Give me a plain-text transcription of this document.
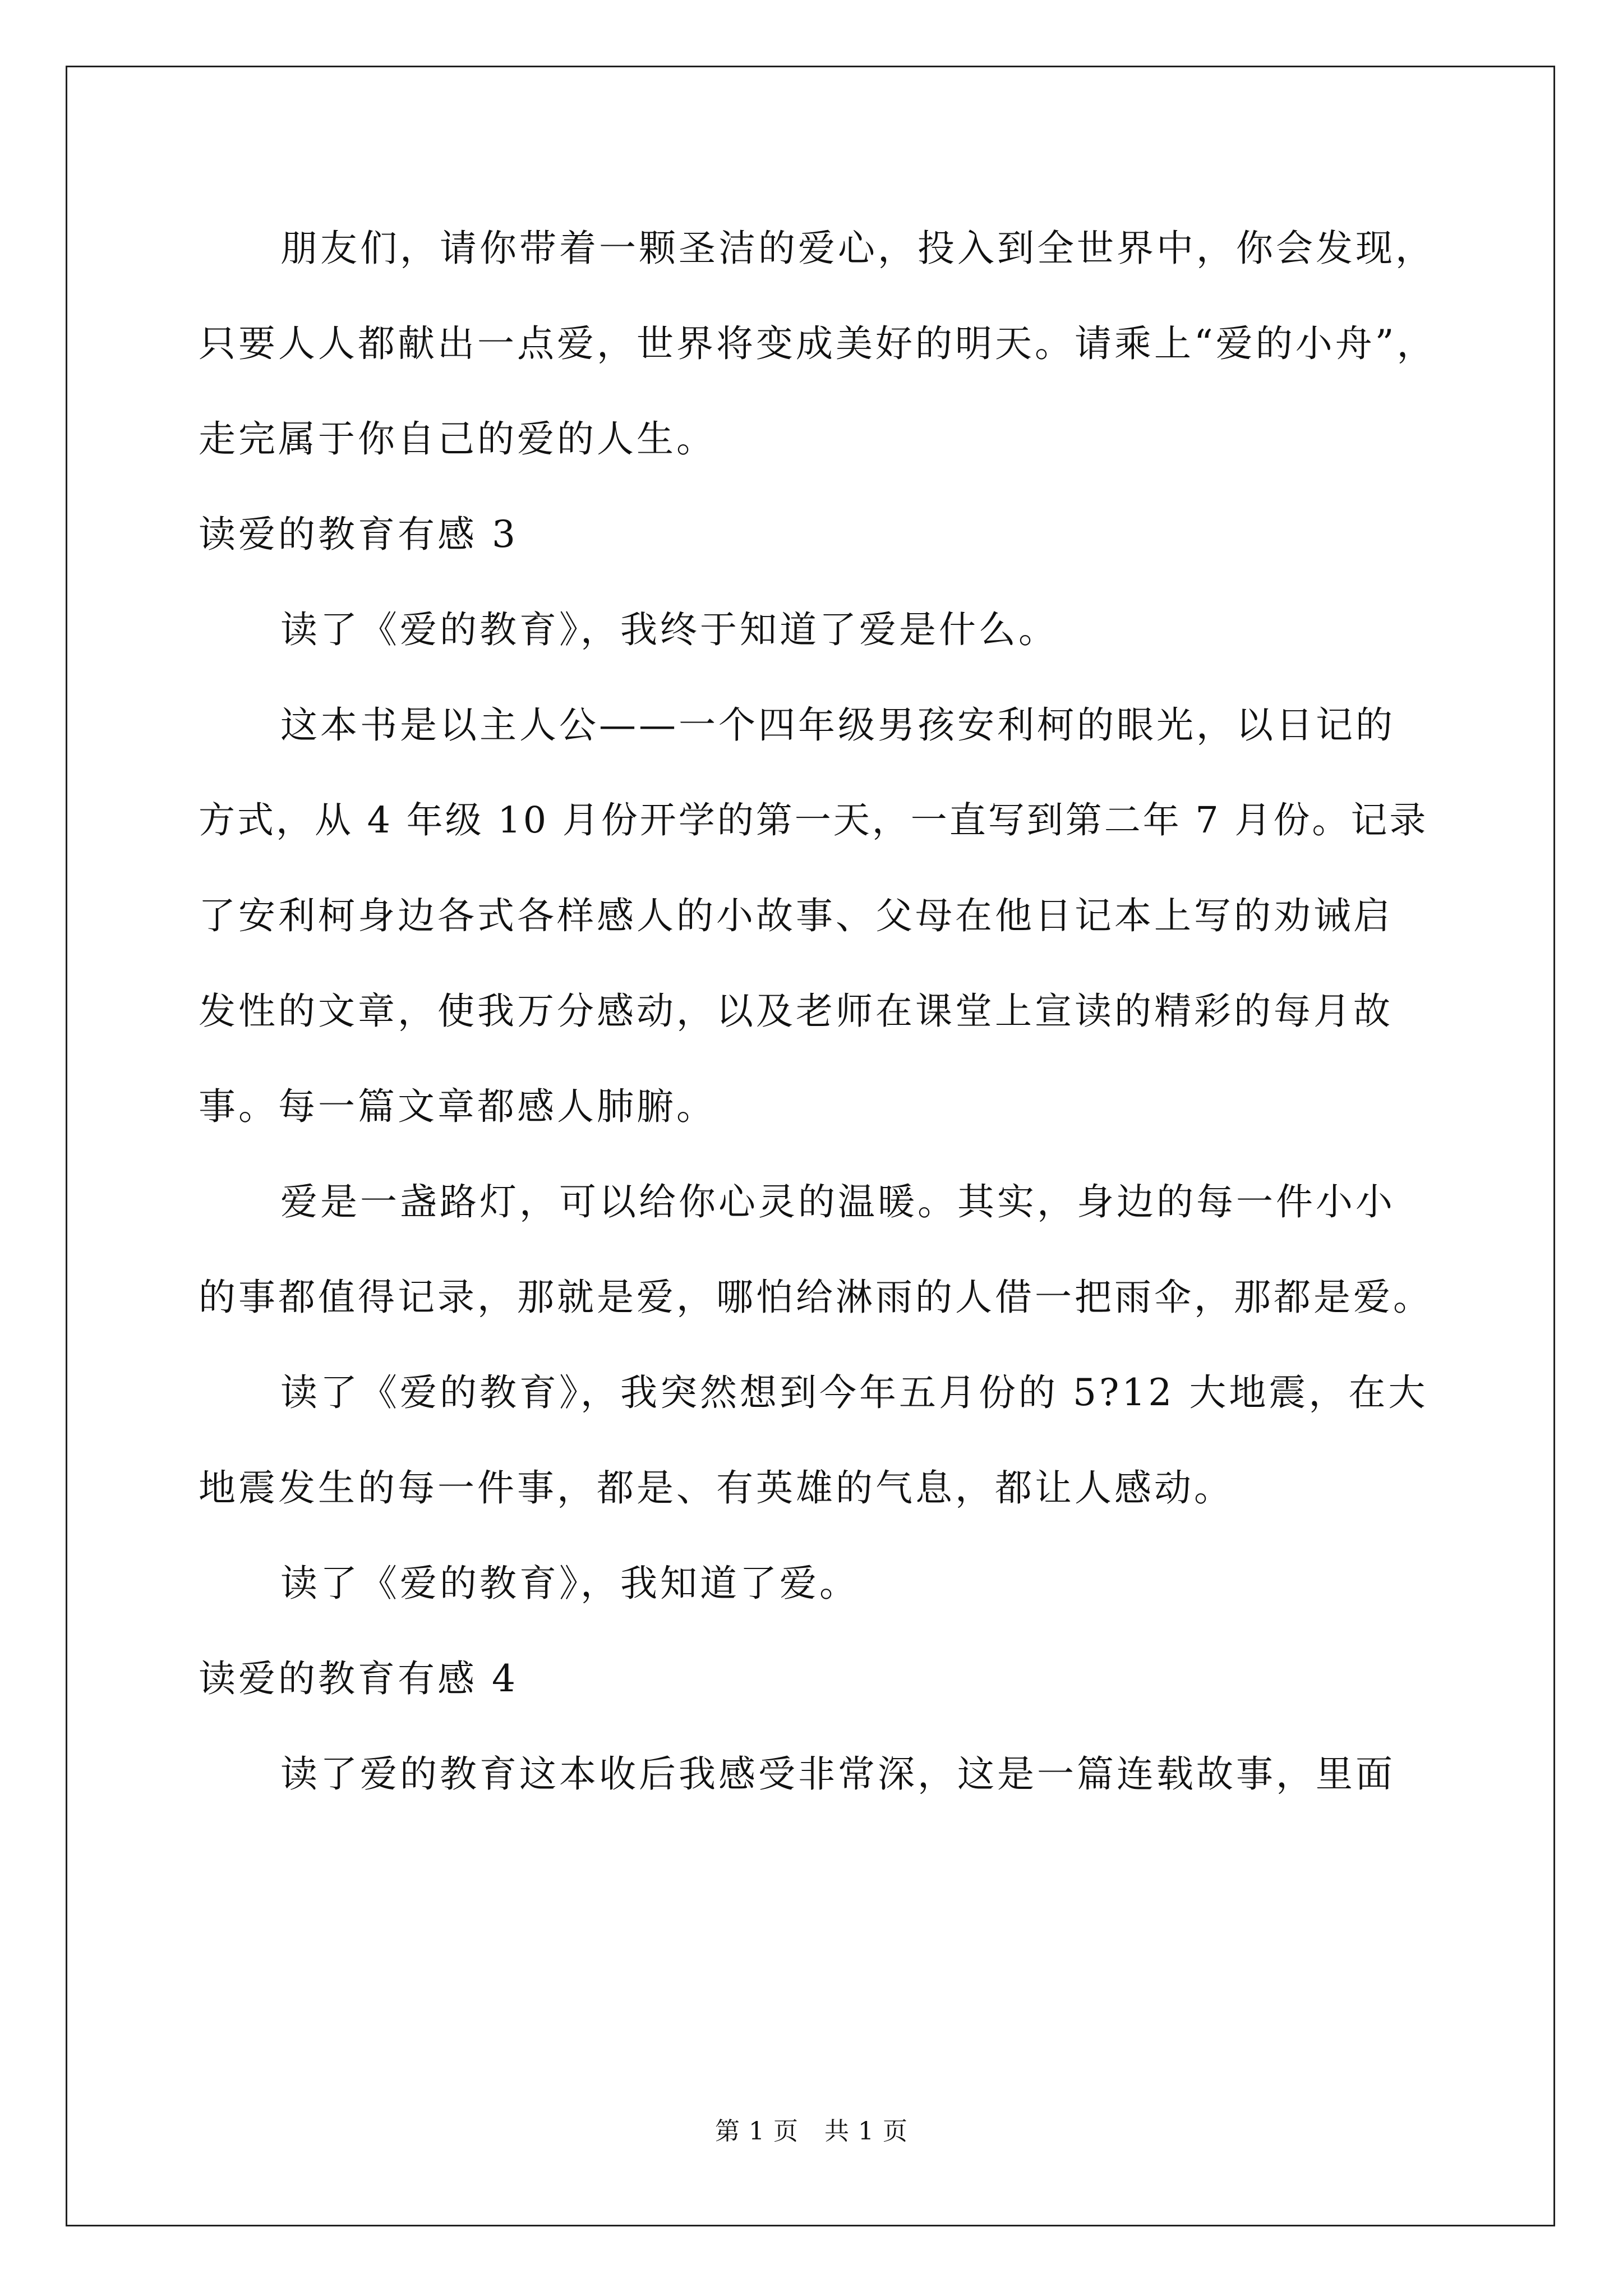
朋友们，请你带着一颗圣洁的爱心，投入到全世界中，你会发现，
只要人人都献出一点爱，世界将变成美好的明天。请乘上“爱的小舟”，
走完属于你自己的爱的人生。
读爱的教育有感 3
读了《爱的教育》，我终于知道了爱是什么。
这本书是以主人公——一个四年级男孩安利柯的眼光，以日记的
方式，从 4 年级 10 月份开学的第一天，一直写到第二年 7 月份。记录
了安利柯身边各式各样感人的小故事、父母在他日记本上写的劝诫启
发性的文章，使我万分感动，以及老师在课堂上宣读的精彩的每月故
事。每一篇文章都感人肺腑。
爱是一盏路灯，可以给你心灵的温暖。其实，身边的每一件小小
的事都值得记录，那就是爱，哪怕给淋雨的人借一把雨伞，那都是爱。
读了《爱的教育》，我突然想到今年五月份的 5?12 大地震，在大
地震发生的每一件事，都是、有英雄的气息，都让人感动。
读了《爱的教育》，我知道了爱。
读爱的教育有感 4
读了爱的教育这本收后我感受非常深，这是一篇连载故事，里面
第 1 页 共 1 页
